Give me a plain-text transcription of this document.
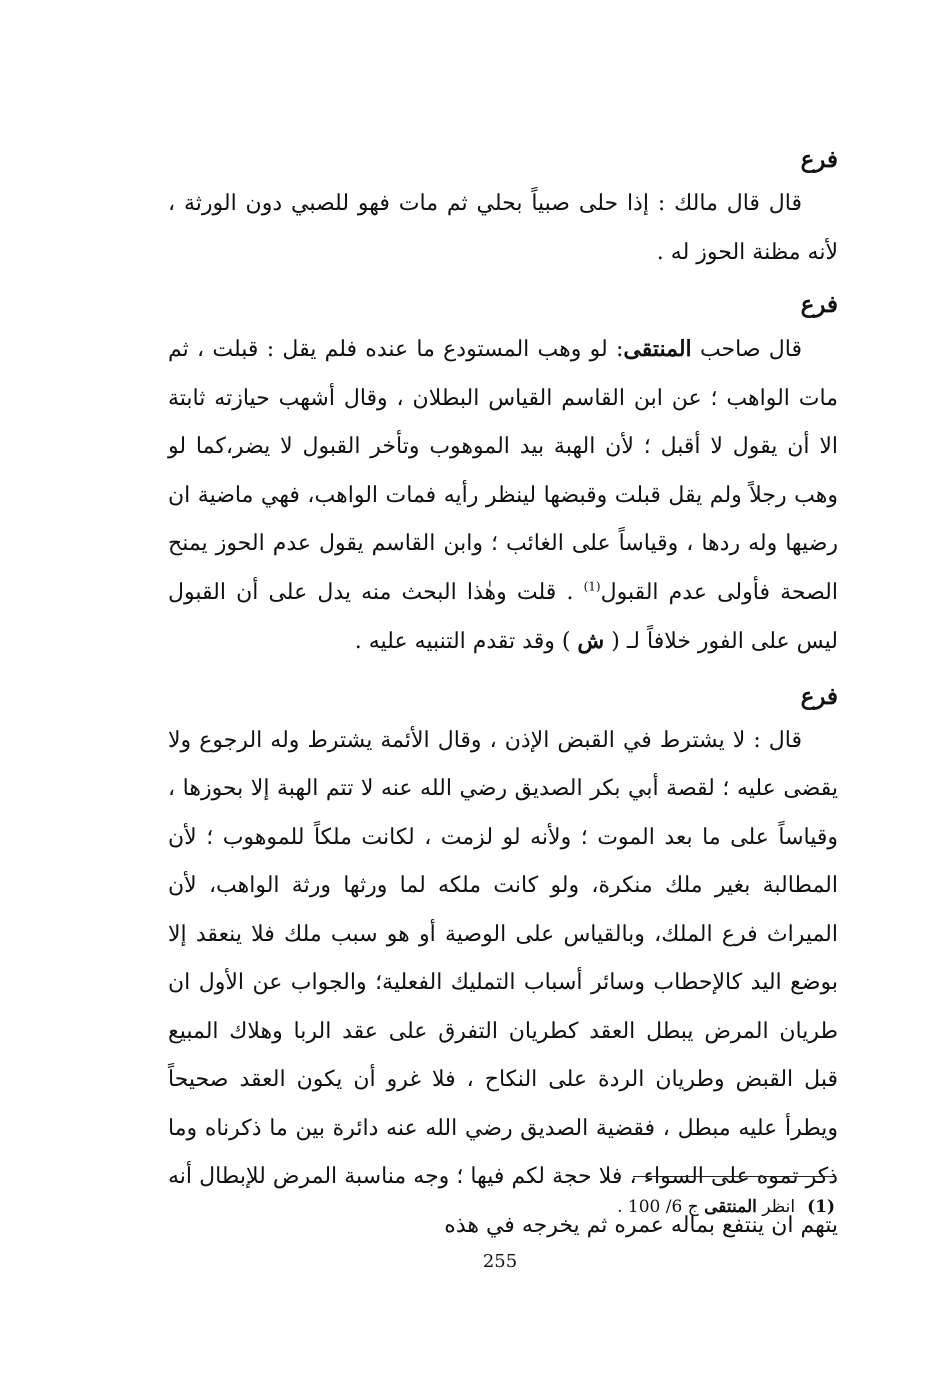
فرع

قال قال مالك : إذا حلى صبياً بحلي ثم مات فهو للصبي دون الورثة ، لأنه مظنة الحوز له .

فرع

قال صاحب المنتقى: لو وهب المستودع ما عنده فلم يقل : قبلت ، ثم مات الواهب ؛ عن ابن القاسم القياس البطلان ، وقال أشهب حيازته ثابتة الا أن يقول لا أقبل ؛ لأن الهبة بيد الموهوب وتأخر القبول لا يضر،كما لو وهب رجلاً ولم يقل قبلت وقبضها لينظر رأيه فمات الواهب، فهي ماضية ان رضيها وله ردها ، وقياساً على الغائب ؛ وابن القاسم يقول عدم الحوز يمنح الصحة فأولى عدم القبول$^{(1)}$ . قلت وهٰذا البحث منه يدل على أن القبول ليس على الفور خلافاً لـ ( ش ) وقد تقدم التنبيه عليه .

فرع

قال : لا يشترط في القبض الإذن ، وقال الأئمة يشترط وله الرجوع ولا يقضى عليه ؛ لقصة أبي بكر الصديق رضي الله عنه لا تتم الهبة إلا بحوزها ، وقياساً على ما بعد الموت ؛ ولأنه لو لزمت ، لكانت ملكاً للموهوب ؛ لأن المطالبة بغير ملك منكرة، ولو كانت ملكه لما ورثها ورثة الواهب، لأن الميراث فرع الملك، وبالقياس على الوصية أو هو سبب ملك فلا ينعقد إلا بوضع اليد كالإحطاب وسائر أسباب التمليك الفعلية؛ والجواب عن الأول ان طريان المرض يبطل العقد كطريان التفرق على عقد الربا وهلاك المبيع قبل القبض وطريان الردة على النكاح ، فلا غرو أن يكون العقد صحيحاً ويطرأ عليه مبطل ، فقضية الصديق رضي الله عنه دائرة بين ما ذكرناه وما ذكر تموه على السواء ، فلا حجة لكم فيها ؛ وجه مناسبة المرض للإبطال أنه يتهم ان ينتفع بماله عمره ثم يخرجه في هذه

(1)انظر المنتقى ج 6/ 100 .
255
